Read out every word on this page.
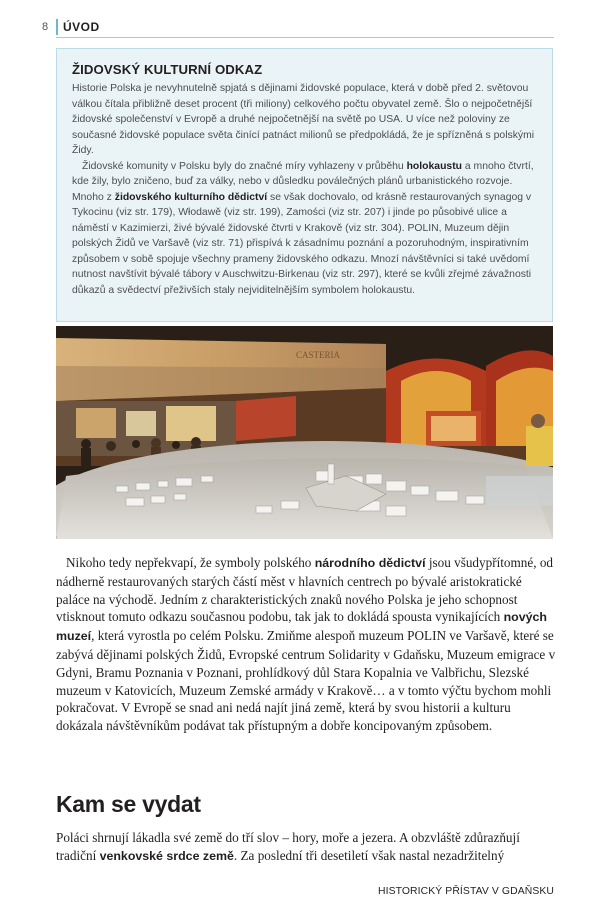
8 ÚVOD
ŽIDOVSKÝ KULTURNÍ ODKAZ

Historie Polska je nevyhnutelně spjatá s dějinami židovské populace, která v době před 2. světovou válkou čítala přibližně deset procent (tři miliony) celkového počtu obyvatel země. Šlo o nejpočetnější židovské společenství v Evropě a druhé nejpočetnější na světě po USA. U více než poloviny ze současné židovské populace světa činící patnáct milionů se předpokládá, že je spřízněná s polskými Židy.

Židovské komunity v Polsku byly do značné míry vyhlazeny v průběhu holokaustu a mnoho čtvrtí, kde žily, bylo zničeno, buď za války, nebo v důsledku poválečných plánů urbanistického rozvoje. Mnoho z židovského kulturního dědictví se však dochovalo, od krásně restaurovaných synagog v Tykocinu (viz str. 179), Włodawě (viz str. 199), Zamości (viz str. 207) i jinde po působivé ulice a náměstí v Kazimierzi, živé bývalé židovské čtvrti v Krakově (viz str. 304). POLIN, Muzeum dějin polských Židů ve Varšavě (viz str. 71) přispívá k zásadnímu poznání a pozoruhodným, inspirativním způsobem v sobě spojuje všechny prameny židovského odkazu. Mnozí návštěvníci si také uvědomí nutnost navštívit bývalé tábory v Auschwitzu-Birkenau (viz str. 297), které se kvůli zřejmé závažnosti důkazů a svědectví přeživších staly nejviditelnějším symbolem holokaustu.

CASTERIA

Nikoho tedy nepřekvapí, že symboly polského národního dědictví jsou všudypřítomné, od nádherně restaurovaných starých částí měst v hlavních centrech po bývalé aristokratické paláce na východě. Jedním z charakteristických znaků nového Polska je jeho schopnost vtisknout tomuto odkazu současnou podobu, tak jak to dokládá spousta vynikajících nových muzeí, která vyrostla po celém Polsku. Zmiňme alespoň muzeum POLIN ve Varšavě, které se zabývá dějinami polských Židů, Evropské centrum Solidarity v Gdaňsku, Muzeum emigrace v Gdyni, Bramu Poznania v Poznani, prohlídkový důl Stara Kopalnia ve Valbřichu, Slezské muzeum v Katovicích, Muzeum Zemské armády v Krakově… a v tomto výčtu bychom mohli pokračovat. V Evropě se snad ani nedá najít jiná země, která by svou historii a kulturu dokázala návštěvníkům podávat tak přístupným a dobře koncipovaným způsobem.

Kam se vydat

Poláci shrnují lákadla své země do tří slov – hory, moře a jezera. A obzvláště zdůrazňují tradiční venkovské srdce země. Za poslední tři desetiletí však nastal nezadržitelný

HISTORICKÝ PŘÍSTAV V GDAŇSKU
